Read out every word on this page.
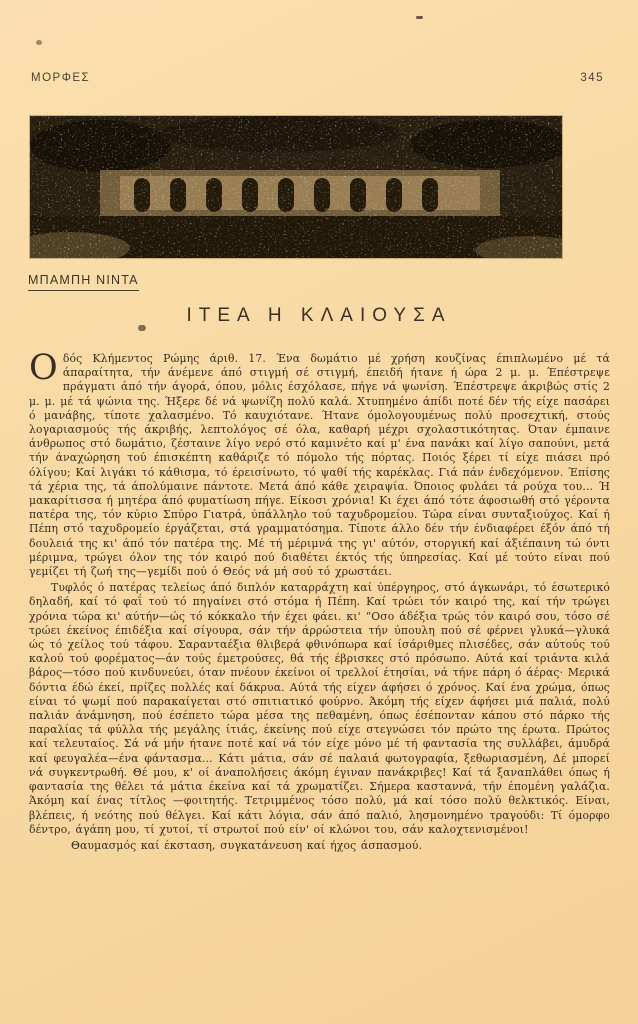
ΜΟΡΦΕΣ	345
ΜΠΑΜΠΗ ΝΙΝΤΑ
ΙΤΕΑ Η ΚΛΑΙΟΥΣΑ

Οδός Κλήμεντος Ρώμης άριθ. 17. Ένα δωμάτιο μέ χρήση κουζίνας έπιπλωμένο μέ τά άπαραίτητα, τήν άνέμενε άπό στιγμή σέ στιγμή, έπειδή ήτανε ή ώρα 2 μ. μ. Έπέστρεψε πράγματι άπό τήν άγορά, όπου, μόλις έσχόλασε, πήγε νά ψωνίση. Έπέστρεψε άκριβώς στίς 2 μ. μ. μέ τά ψώνια της. Ήξερε δέ νά ψωνίζη πολύ καλά. Χτυπημένο άπίδι ποτέ δέν τής είχε πασάρει ό μανάβης, τίποτε χαλασμένο. Τό καυχιότανε. Ήτανε όμολογουμένως πολύ προσεχτική, στούς λογαριασμούς τής άκριβής, λεπτολόγος σέ όλα, καθαρή μέχρι σχολαστικότητας. Όταν έμπαινε άνθρωπος στό δωμάτιο, ζέσταινε λίγο νερό στό καμινέτο καί μ' ένα πανάκι καί λίγο σαπούνι, μετά τήν άναχώρηση τού έπισκέπτη καθάριζε τό πόμολο τής πόρτας. Ποιός ξέρει τί είχε πιάσει πρό όλίγου; Καί λιγάκι τό κάθισμα, τό έρεισίνωτο, τό ψαθί τής καρέκλας. Γιά πάν ένδεχόμενον. Έπίσης τά χέρια της, τά άπολύμαινε πάντοτε. Μετά άπό κάθε χειραψία. Όποιος φυλάει τά ρούχα του... Ή μακαρίτισσα ή μητέρα άπό φυματίωση πήγε. Είκοσι χρόνια! Κι έχει άπό τότε άφοσιωθή στό γέροντα πατέρα της, τόν κύριο Σπύρο Γιατρά, ύπάλληλο τού ταχυδρομείου. Τώρα είναι συνταξιούχος. Καί ή Πέπη στό ταχυδρομείο έργάζεται, στά γραμματόσημα. Τίποτε άλλο δέν τήν ένδιαφέρει έξόν άπό τή δουλειά της κι' άπό τόν πατέρα της. Μέ τή μέριμνά της γι' αύτόν, στοργική καί άξιέπαινη τώ όντι μέριμνα, τρώγει όλον της τόν καιρό πού διαθέτει έκτός τής ύπηρεσίας. Καί μέ τούτο είναι πού γεμίζει τή ζωή της—γεμίδι πού ό Θεός νά μή σού τό χρωστάει.

Τυφλός ό πατέρας τελείως άπό διπλόν καταρράχτη καί ύπέργηρος, στό άγκωνάρι, τό έσωτερικό δηλαδή, καί τό φαΐ τού τό πηγαίνει στό στόμα ή Πέπη. Καί τρώει τόν καιρό της, καί τήν τρώγει χρόνια τώρα κι' αύτήν—ώς τό κόκκαλο τήν έχει φάει. κι' “Οσο άδέξια τρώς τόν καιρό σου, τόσο σέ τρώει έκείνος έπιδέξια καί σίγουρα, σάν τήν άρρώστεια τήν ύπουλη πού σέ φέρνει γλυκά—γλυκά ώς τό χείλος τού τάφου. Σαρανταέξια θλιβερά φθινόπωρα καί ίσάριθμες πλισέδες, σάν αύτούς τού καλού τού φορέματος—άν τούς έμετρούσες, θά τής έβρισκες στό πρόσωπο. Αύτά καί τριάντα κιλά βάρος—τόσο πού κινδυνεύει, όταν πνέουν έκείνοι οί τρελλοί έτησίαι, νά τήνε πάρη ό άέρας· Μερικά δόντια έδώ έκεί, πρίζες πολλές καί δάκρυα. Αύτά τής είχεν άφήσει ό χρόνος. Καί ένα χρώμα, όπως είναι τό ψωμί πού παρακαίγεται στό σπιτιατικό φούρνο. Άκόμη τής είχεν άφήσει μιά παλιά, πολύ παλιάν άνάμνηση, πού έσέπετο τώρα μέσα της πεθαμένη, όπως έσέπονταν κάπου στό πάρκο τής παραλίας τά φύλλα τής μεγάλης ίτιάς, έκείνης πού είχε στεγνώσει τόν πρώτο της έρωτα. Πρώτος καί τελευταίος. Σά νά μήν ήτανε ποτέ καί νά τόν είχε μόνο μέ τή φαντασία της συλλάβει, άμυδρά καί φευγαλέα—ένα φάντασμα... Κάτι μάτια, σάν σέ παλαιά φωτογραφία, ξεθωριασμένη, Δέ μπορεί νά συγκεντρωθή. Θέ μου, κ' οί άναπολήσεις άκόμη έγιναν πανάκριβες! Καί τά ξαναπλάθει όπως ή φαντασία της θέλει τά μάτια έκείνα καί τά χρωματίζει. Σήμερα κασταννά, τήν έπομένη γαλάζια. Άκόμη καί ένας τίτλος —φοιτητής. Τετριμμένος τόσο πολύ, μά καί τόσο πολύ θελκτικός. Είναι, βλέπεις, ή νεότης πού θέλγει. Καί κάτι λόγια, σάν άπό παλιό, λησμονημένο τραγούδι: Τί όμορφο δέντρο, άγάπη μου, τί χυτοί, τί στρωτοί πού είν' οί κλώνοι του, σάν καλοχτενισμένοι!

Θαυμασμός καί έκσταση, συγκατάνευση καί ήχος άσπασμού.
